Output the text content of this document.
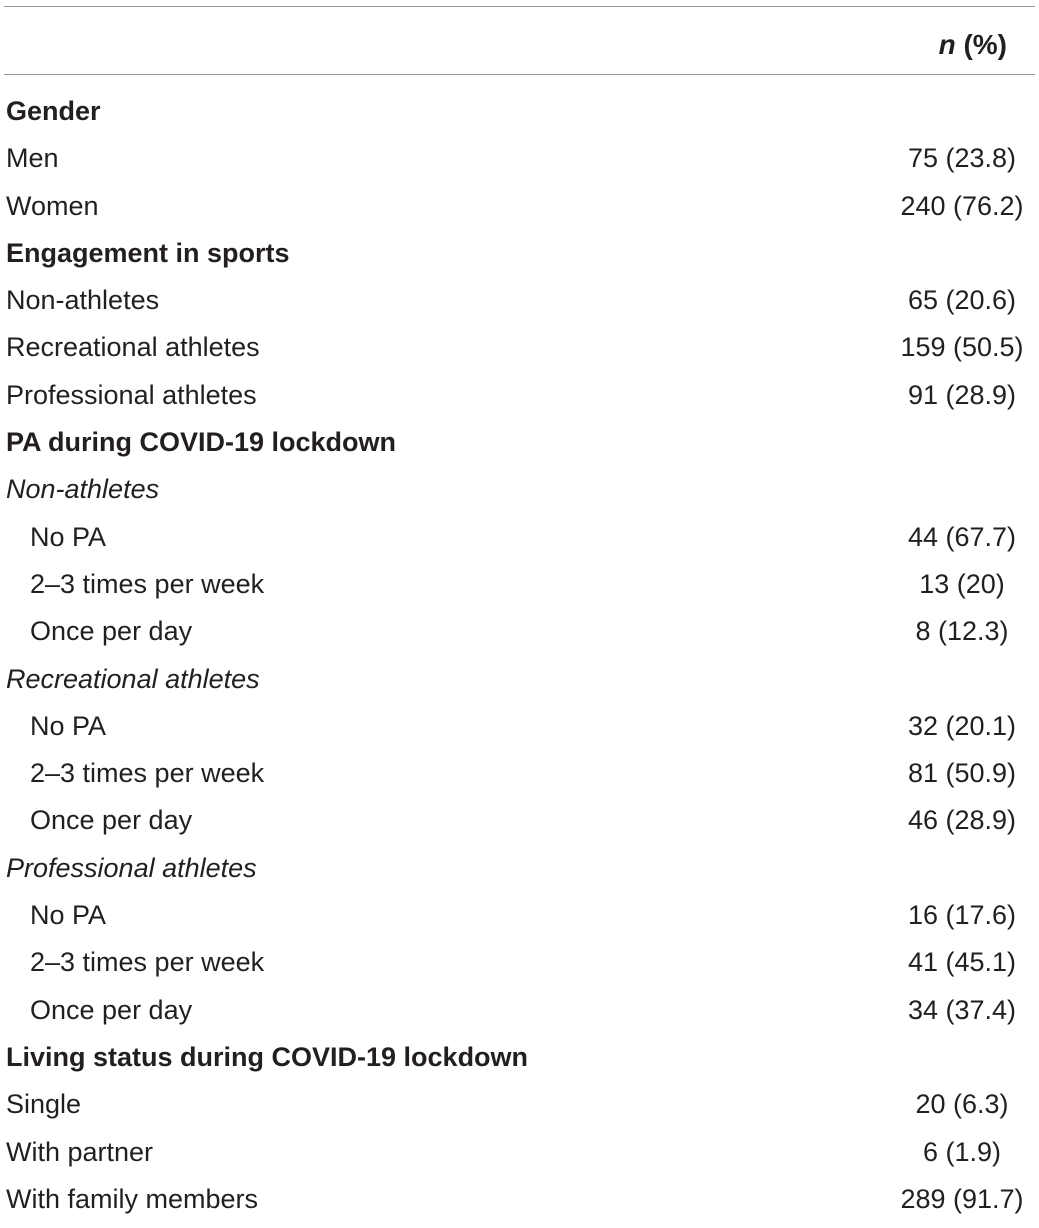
n (%)
Gender
Men	75 (23.8)
Women	240 (76.2)
Engagement in sports
Non-athletes	65 (20.6)
Recreational athletes	159 (50.5)
Professional athletes	91 (28.9)
PA during COVID-19 lockdown
Non-athletes
No PA	44 (67.7)
2–3 times per week	13 (20)
Once per day	8 (12.3)
Recreational athletes
No PA	32 (20.1)
2–3 times per week	81 (50.9)
Once per day	46 (28.9)
Professional athletes
No PA	16 (17.6)
2–3 times per week	41 (45.1)
Once per day	34 (37.4)
Living status during COVID-19 lockdown
Single	20 (6.3)
With partner	6 (1.9)
With family members	289 (91.7)
